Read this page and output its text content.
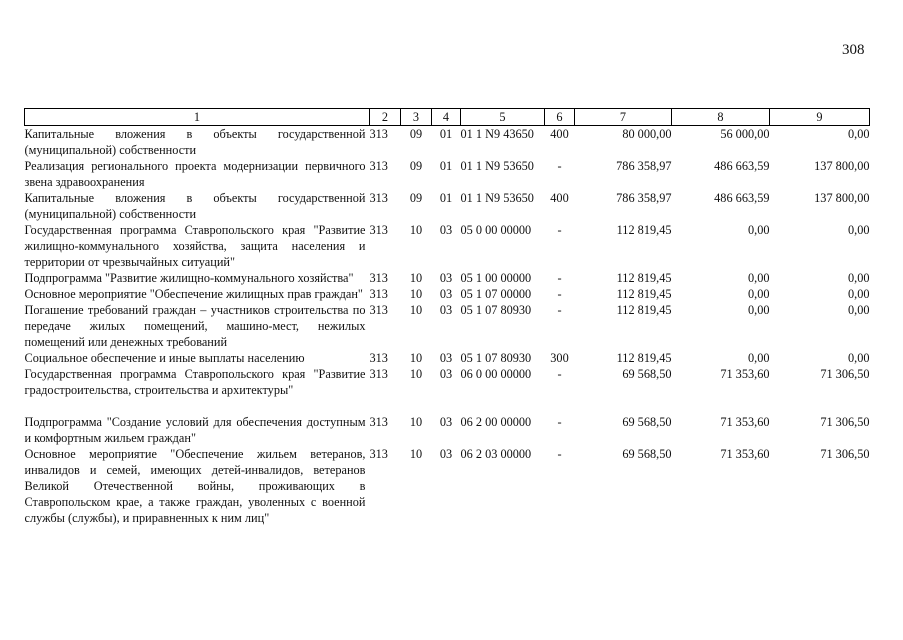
308
1	2	3	4	5	6	7	8	9
Капитальные вложения в объекты государственной (муниципальной) собственности	313	09	01	01 1 N9 43650	400	80 000,00	56 000,00	0,00
Реализация регионального проекта модернизации первичного звена здравоохранения	313	09	01	01 1 N9 53650	-	786 358,97	486 663,59	137 800,00
Капитальные вложения в объекты государственной (муниципальной) собственности	313	09	01	01 1 N9 53650	400	786 358,97	486 663,59	137 800,00
Государственная программа Ставропольского края "Развитие жилищно-коммунального хозяйства, защита населения и территории от чрезвычайных ситуаций"	313	10	03	05 0 00 00000	-	112 819,45	0,00	0,00
Подпрограмма "Развитие жилищно-коммунального хозяйства"	313	10	03	05 1 00 00000	-	112 819,45	0,00	0,00
Основное мероприятие "Обеспечение жилищных прав граждан"	313	10	03	05 1 07 00000	-	112 819,45	0,00	0,00
Погашение требований граждан – участников строительства по передаче жилых помещений, машино-мест, нежилых помещений или денежных требований	313	10	03	05 1 07 80930	-	112 819,45	0,00	0,00
Социальное обеспечение и иные выплаты населению	313	10	03	05 1 07 80930	300	112 819,45	0,00	0,00
Государственная программа Ставропольского края "Развитие градостроительства, строительства и архитектуры"	313	10	03	06 0 00 00000	-	69 568,50	71 353,60	71 306,50
Подпрограмма "Создание условий для обеспечения доступным и комфортным жильем граждан"	313	10	03	06 2 00 00000	-	69 568,50	71 353,60	71 306,50
Основное мероприятие "Обеспечение жильем ветеранов, инвалидов и семей, имеющих детей-инвалидов, ветеранов Великой Отечественной войны, проживающих в Ставропольском крае, а также граждан, уволенных с военной службы (службы), и приравненных к ним лиц"	313	10	03	06 2 03 00000	-	69 568,50	71 353,60	71 306,50
